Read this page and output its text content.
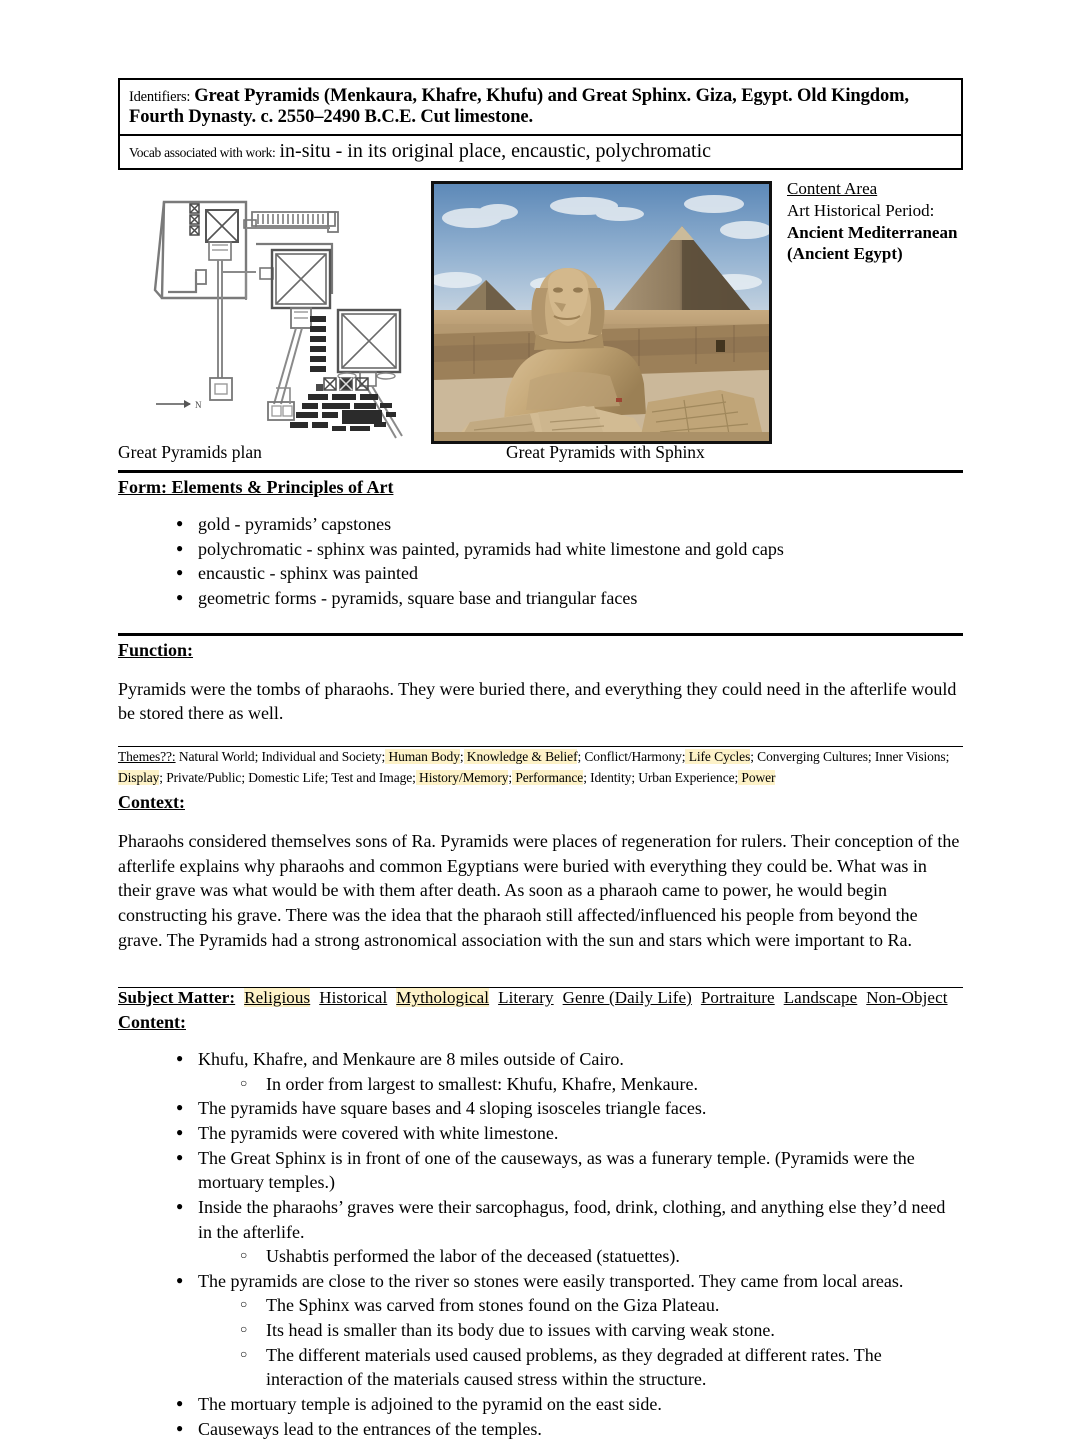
Identifiers: Great Pyramids (Menkaura, Khafre, Khufu) and Great Sphinx. Giza, Egypt. Old Kingdom, Fourth Dynasty. c. 2550–2490 B.C.E. Cut limestone.
Vocab associated with work: in-situ - in its original place, encaustic, polychromatic
N
Content Area
Art Historical Period:
Ancient Mediterranean (Ancient Egypt)
Great Pyramids plan	Great Pyramids with Sphinx
Form: Elements & Principles of Art
● gold - pyramids’ capstones
● polychromatic - sphinx was painted, pyramids had white limestone and gold caps
● encaustic - sphinx was painted
● geometric forms - pyramids, square base and triangular faces
Function:
Pyramids were the tombs of pharaohs. They were buried there, and everything they could need in the afterlife would be stored there as well.
Themes??: Natural World; Individual and Society; Human Body; Knowledge & Belief; Conflict/Harmony; Life Cycles; Converging Cultures; Inner Visions; Display; Private/Public; Domestic Life; Test and Image; History/Memory; Performance; Identity; Urban Experience; Power
Context:
Pharaohs considered themselves sons of Ra. Pyramids were places of regeneration for rulers. Their conception of the afterlife explains why pharaohs and common Egyptians were buried with everything they could be. What was in their grave was what would be with them after death. As soon as a pharaoh came to power, he would begin constructing his grave. There was the idea that the pharaoh still affected/influenced his people from beyond the grave. The Pyramids had a strong astronomical association with the sun and stars which were important to Ra.
Subject Matter: Religious Historical Mythological Literary Genre (Daily Life) Portraiture Landscape Non-Object
Content:
● Khufu, Khafre, and Menkaure are 8 miles outside of Cairo.
○ In order from largest to smallest: Khufu, Khafre, Menkaure.
● The pyramids have square bases and 4 sloping isosceles triangle faces.
● The pyramids were covered with white limestone.
● The Great Sphinx is in front of one of the causeways, as was a funerary temple. (Pyramids were the mortuary temples.)
● Inside the pharaohs’ graves were their sarcophagus, food, drink, clothing, and anything else they’d need in the afterlife.
○ Ushabtis performed the labor of the deceased (statuettes).
● The pyramids are close to the river so stones were easily transported. They came from local areas.
○ The Sphinx was carved from stones found on the Giza Plateau.
○ Its head is smaller than its body due to issues with carving weak stone.
○ The different materials used caused problems, as they degraded at different rates. The interaction of the materials caused stress within the structure.
● The mortuary temple is adjoined to the pyramid on the east side.
● Causeways lead to the entrances of the temples.
